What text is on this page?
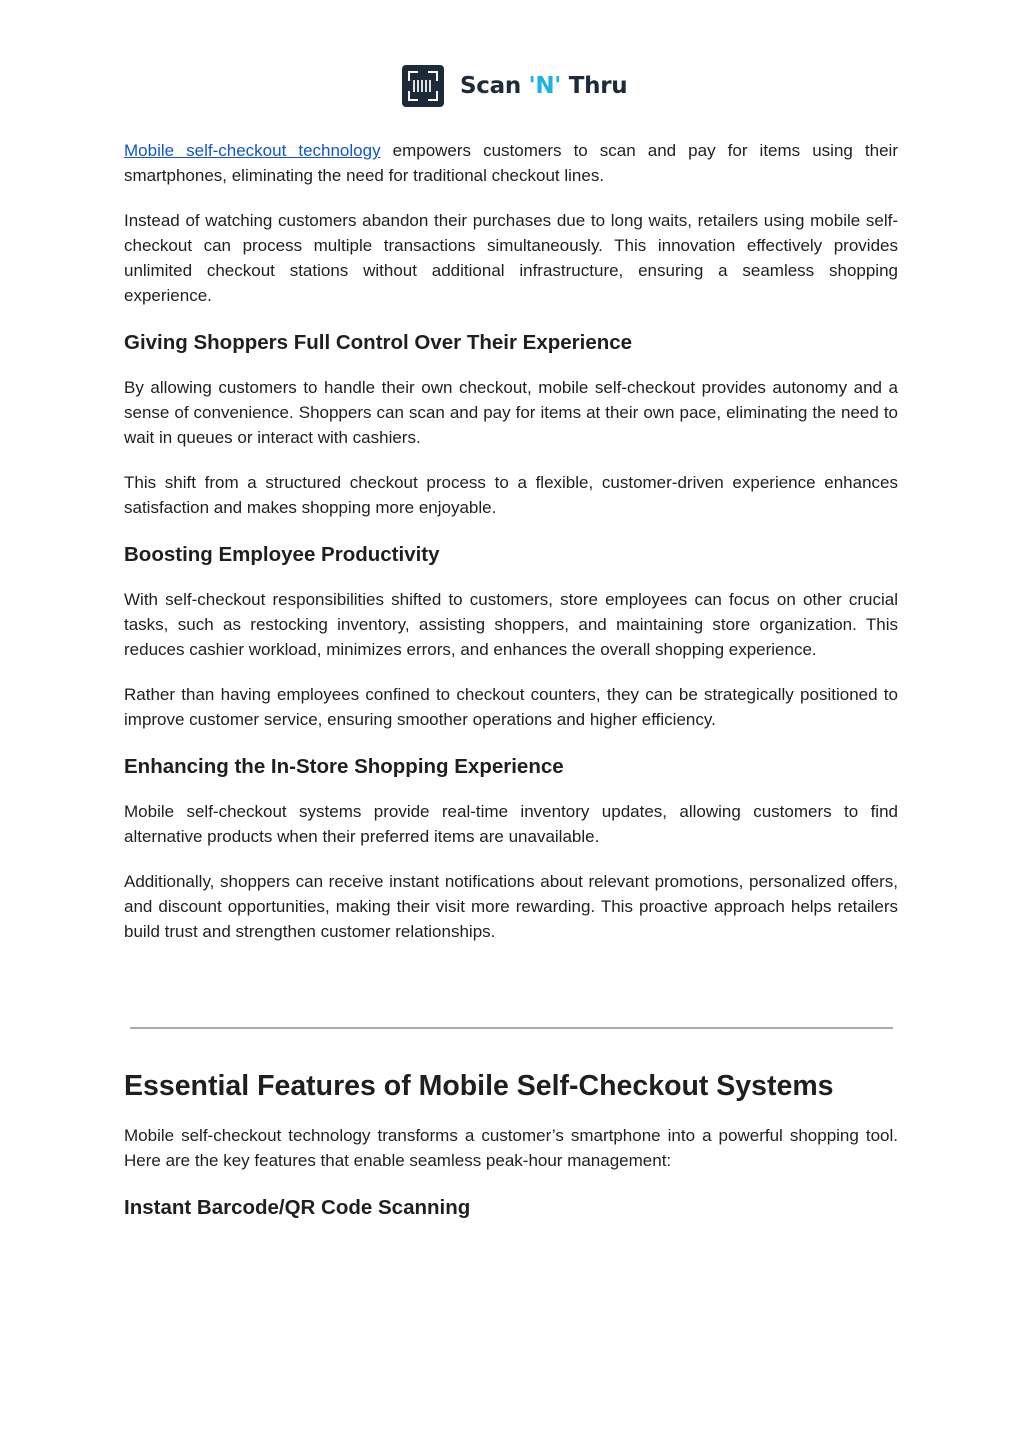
Scan 'N' Thru

Mobile self-checkout technology empowers customers to scan and pay for items using their smartphones, eliminating the need for traditional checkout lines.

Instead of watching customers abandon their purchases due to long waits, retailers using mobile self-checkout can process multiple transactions simultaneously. This innovation effectively provides unlimited checkout stations without additional infrastructure, ensuring a seamless shopping experience.

Giving Shoppers Full Control Over Their Experience

By allowing customers to handle their own checkout, mobile self-checkout provides autonomy and a sense of convenience. Shoppers can scan and pay for items at their own pace, eliminating the need to wait in queues or interact with cashiers.

This shift from a structured checkout process to a flexible, customer-driven experience enhances satisfaction and makes shopping more enjoyable.

Boosting Employee Productivity

With self-checkout responsibilities shifted to customers, store employees can focus on other crucial tasks, such as restocking inventory, assisting shoppers, and maintaining store organization. This reduces cashier workload, minimizes errors, and enhances the overall shopping experience.

Rather than having employees confined to checkout counters, they can be strategically positioned to improve customer service, ensuring smoother operations and higher efficiency.

Enhancing the In-Store Shopping Experience

Mobile self-checkout systems provide real-time inventory updates, allowing customers to find alternative products when their preferred items are unavailable.

Additionally, shoppers can receive instant notifications about relevant promotions, personalized offers, and discount opportunities, making their visit more rewarding. This proactive approach helps retailers build trust and strengthen customer relationships.

Essential Features of Mobile Self-Checkout Systems

Mobile self-checkout technology transforms a customer’s smartphone into a powerful shopping tool. Here are the key features that enable seamless peak-hour management:

Instant Barcode/QR Code Scanning
